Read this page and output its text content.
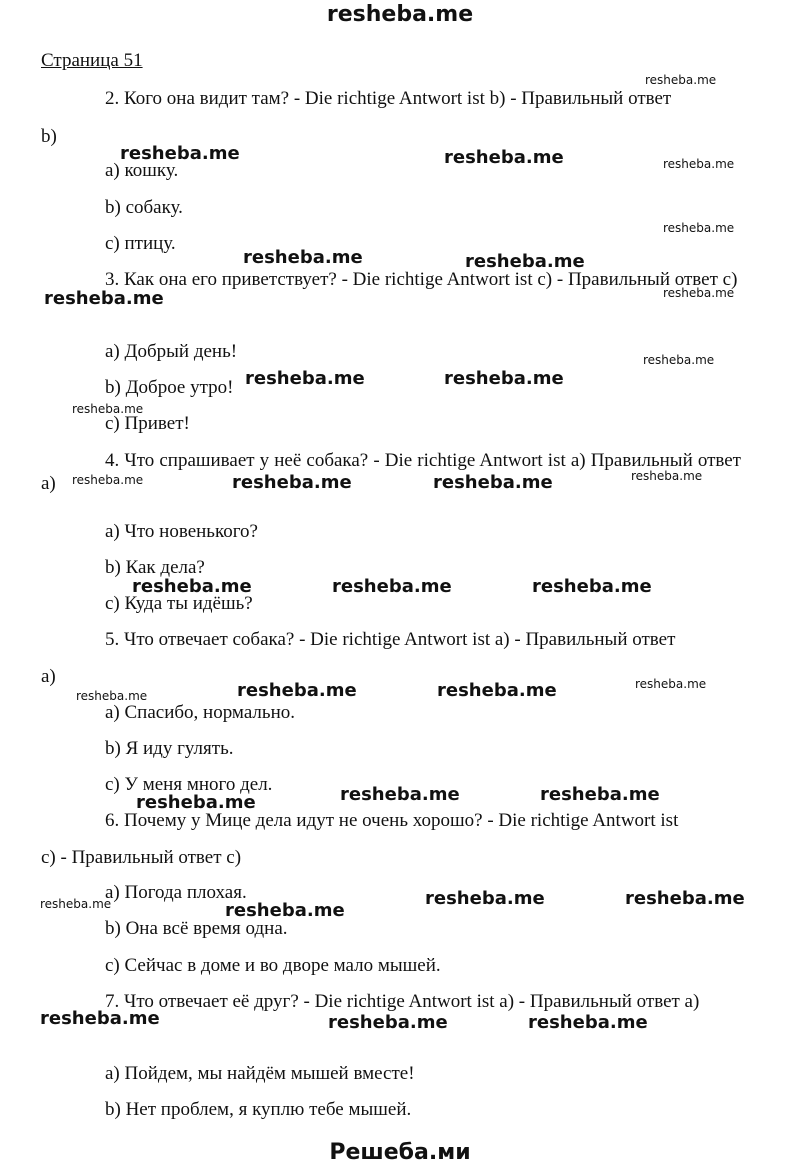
resheba.me
Решеба.ми
Страница 51
2. Кого она видит там? - Die richtige Antwort ist b) - Правильный ответ
b)
a) кошку.
b) собаку.
c) птицу.
3. Как она его приветствует? - Die richtige Antwort ist c) - Правильный ответ с)
a) Добрый день!
b) Доброе утро!
c) Привет!
4. Что спрашивает у неё собака? - Die richtige Antwort ist a) Правильный ответ а)
a) Что новенького?
b) Как дела?
c) Куда ты идёшь?
5. Что отвечает собака? - Die richtige Antwort ist a) - Правильный ответ
a)
a) Спасибо, нормально.
b) Я иду гулять.
c) У меня много дел.
6. Почему у Мице дела идут не очень хорошо? - Die richtige Antwort ist
c) - Правильный ответ с)
a) Погода плохая.
b) Она всё время одна.
c) Сейчас в доме и во дворе мало мышей.
7. Что отвечает её друг? - Die richtige Antwort ist a) - Правильный ответ а)
a) Пойдем, мы найдём мышей вместе!
b) Нет проблем, я куплю тебе мышей.
resheba.me
resheba.me	resheba.me	resheba.me
resheba.me
resheba.me	resheba.me
resheba.me
resheba.me
resheba.me
resheba.me	resheba.me
resheba.me
resheba.me	resheba.me	resheba.me	resheba.me
resheba.me	resheba.me	resheba.me
resheba.me	resheba.me	resheba.me	resheba.me
resheba.me	resheba.me	resheba.me
resheba.me	resheba.me
resheba.me	resheba.me
resheba.me	resheba.me	resheba.me
